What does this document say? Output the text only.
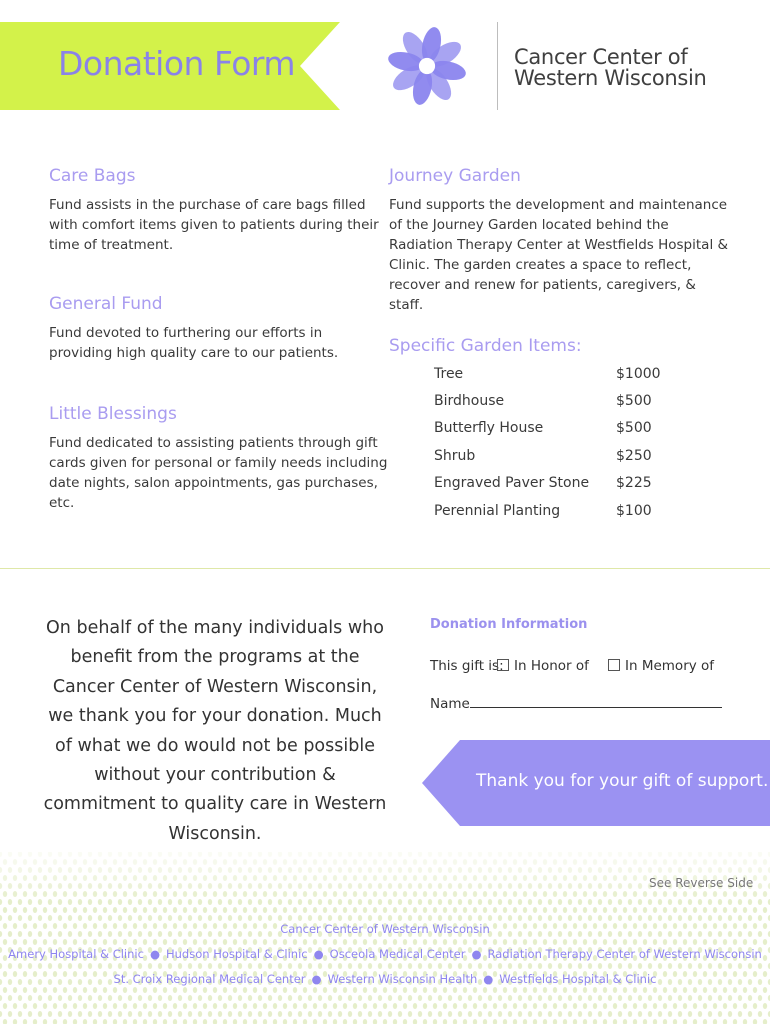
Donation Form	Cancer Center of
Western Wisconsin
Care Bags
Fund assists in the purchase of care bags filled with comfort items given to patients during their time of treatment.
General Fund
Fund devoted to furthering our efforts in providing high quality care to our patients.
Little Blessings
Fund dedicated to assisting patients through gift cards given for personal or family needs including date nights, salon appointments, gas purchases, etc.
Journey Garden
Fund supports the development and maintenance of the Journey Garden located behind the Radiation Therapy Center at Westfields Hospital & Clinic. The garden creates a space to reflect, recover and renew for patients, caregivers, & staff.
Specific Garden Items:
Tree	$1000
Birdhouse	$500
Butterfly House	$500
Shrub	$250
Engraved Paver Stone $225
Perennial Planting	$100
On behalf of the many individuals who benefit from the programs at the Cancer Center of Western Wisconsin, we thank you for your donation. Much of what we do would not be possible without your contribution & commitment to quality care in Western Wisconsin.
Donation Information
This gift is: In Honor of	In Memory of
Name
Thank you for your gift of support.
See Reverse Side
Cancer Center of Western Wisconsin
Amery Hospital & Clinic ● Hudson Hospital & Clinic ● Osceola Medical Center ● Radiation Therapy Center of Western Wisconsin
St. Croix Regional Medical Center ● Western Wisconsin Health ● Westfields Hospital & Clinic
